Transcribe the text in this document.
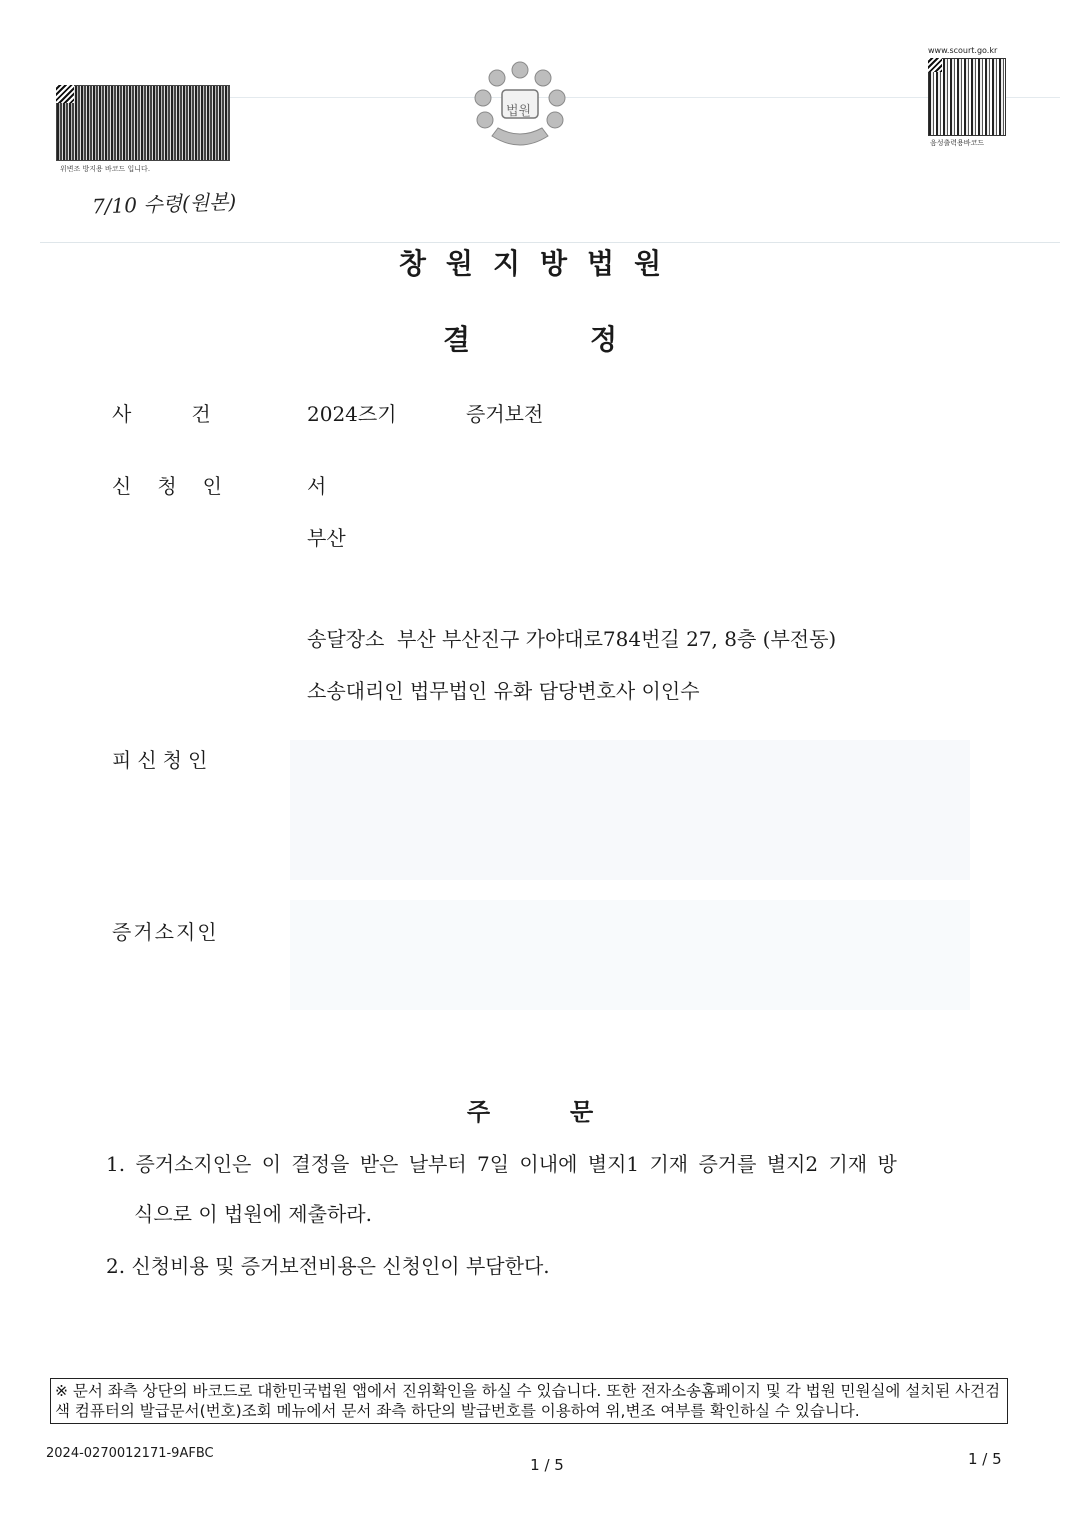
위변조 방지용 바코드 입니다.
7/10 수령(원본)
법원
www.scourt.go.kr
음성출력용바코드
창원지방법원
결정
사건 2024즈기	증거보전
신청인	서
부산
송달장소  부산 부산진구 가야대로784번길 27, 8층 (부전동)
소송대리인 법무법인 유화 담당변호사 이인수
피신청인
증거소지인
주문
1. 증거소지인은 이 결정을 받은 날부터 7일 이내에 별지1 기재 증거를 별지2 기재 방
식으로 이 법원에 제출하라.
2. 신청비용 및 증거보전비용은 신청인이 부담한다.
※ 문서 좌측 상단의 바코드로 대한민국법원 앱에서 진위확인을 하실 수 있습니다. 또한 전자소송홈페이지 및 각 법원 민원실에 설치된 사건검색 컴퓨터의 발급문서(번호)조회 메뉴에서 문서 좌측 하단의 발급번호를 이용하여 위,변조 여부를 확인하실 수 있습니다.
2024-0270012171-9AFBC
1 / 5	1 / 5
